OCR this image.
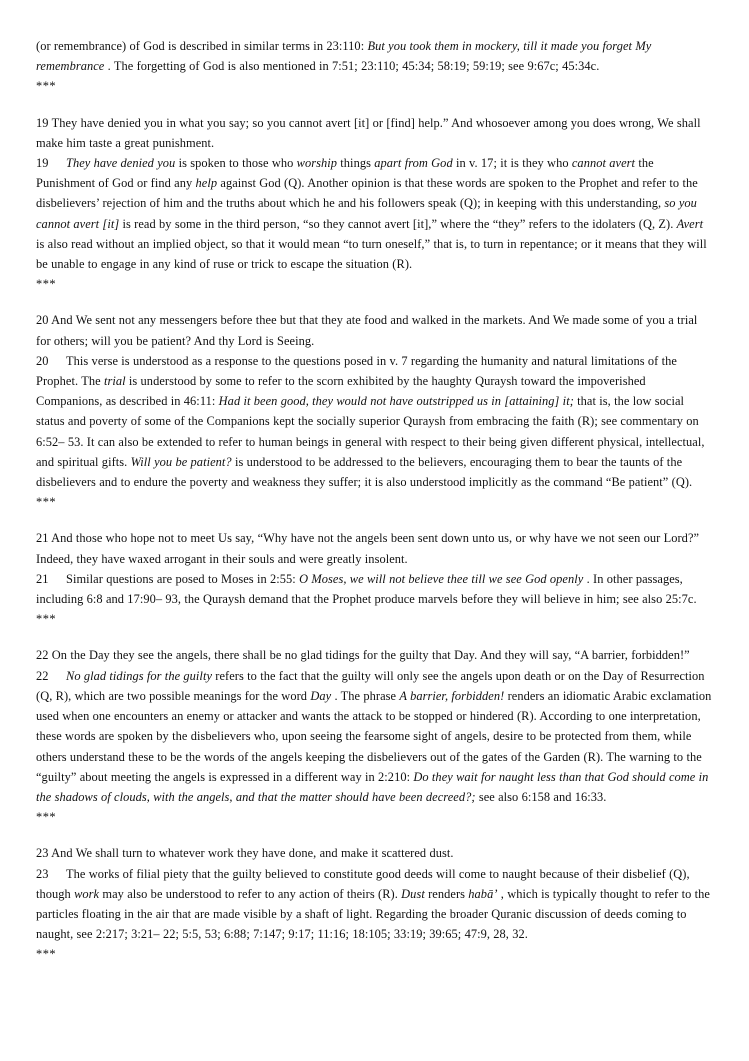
(or remembrance) of God is described in similar terms in 23:110: But you took them in mockery, till it made you forget My remembrance . The forgetting of God is also mentioned in 7:51; 23:110; 45:34; 58:19; 59:19; see 9:67c; 45:34c.

***

19 They have denied you in what you say; so you cannot avert [it] or [find] help.” And whosoever among you does wrong, We shall make him taste a great punishment.

19 They have denied you is spoken to those who worship things apart from God in v. 17; it is they who cannot avert the Punishment of God or find any help against God (Q). Another opinion is that these words are spoken to the Prophet and refer to the disbelievers’ rejection of him and the truths about which he and his followers speak (Q); in keeping with this understanding, so you cannot avert [it] is read by some in the third person, “so they cannot avert [it],” where the “they” refers to the idolaters (Q, Z). Avert is also read without an implied object, so that it would mean “to turn oneself,” that is, to turn in repentance; or it means that they will be unable to engage in any kind of ruse or trick to escape the situation (R).

***

20 And We sent not any messengers before thee but that they ate food and walked in the markets. And We made some of you a trial for others; will you be patient? And thy Lord is Seeing.

20 This verse is understood as a response to the questions posed in v. 7 regarding the humanity and natural limitations of the Prophet. The trial is understood by some to refer to the scorn exhibited by the haughty Quraysh toward the impoverished Companions, as described in 46:11: Had it been good, they would not have outstripped us in [attaining] it; that is, the low social status and poverty of some of the Companions kept the socially superior Quraysh from embracing the faith (R); see commentary on 6:52– 53. It can also be extended to refer to human beings in general with respect to their being given different physical, intellectual, and spiritual gifts. Will you be patient? is understood to be addressed to the believers, encouraging them to bear the taunts of the disbelievers and to endure the poverty and weakness they suffer; it is also understood implicitly as the command “Be patient” (Q).

***

21 And those who hope not to meet Us say, “Why have not the angels been sent down unto us, or why have we not seen our Lord?” Indeed, they have waxed arrogant in their souls and were greatly insolent.

21 Similar questions are posed to Moses in 2:55: O Moses, we will not believe thee till we see God openly . In other passages, including 6:8 and 17:90– 93, the Quraysh demand that the Prophet produce marvels before they will believe in him; see also 25:7c.

***

22 On the Day they see the angels, there shall be no glad tidings for the guilty that Day. And they will say, “A barrier, forbidden!”

22 No glad tidings for the guilty refers to the fact that the guilty will only see the angels upon death or on the Day of Resurrection (Q, R), which are two possible meanings for the word Day . The phrase A barrier, forbidden! renders an idiomatic Arabic exclamation used when one encounters an enemy or attacker and wants the attack to be stopped or hindered (R). According to one interpretation, these words are spoken by the disbelievers who, upon seeing the fearsome sight of angels, desire to be protected from them, while others understand these to be the words of the angels keeping the disbelievers out of the gates of the Garden (R). The warning to the “guilty” about meeting the angels is expressed in a different way in 2:210: Do they wait for naught less than that God should come in the shadows of clouds, with the angels, and that the matter should have been decreed?; see also 6:158 and 16:33.

***

23 And We shall turn to whatever work they have done, and make it scattered dust.

23 The works of filial piety that the guilty believed to constitute good deeds will come to naught because of their disbelief (Q), though work may also be understood to refer to any action of theirs (R). Dust renders habā’ , which is typically thought to refer to the particles floating in the air that are made visible by a shaft of light. Regarding the broader Quranic discussion of deeds coming to naught, see 2:217; 3:21– 22; 5:5, 53; 6:88; 7:147; 9:17; 11:16; 18:105; 33:19; 39:65; 47:9, 28, 32.

***
